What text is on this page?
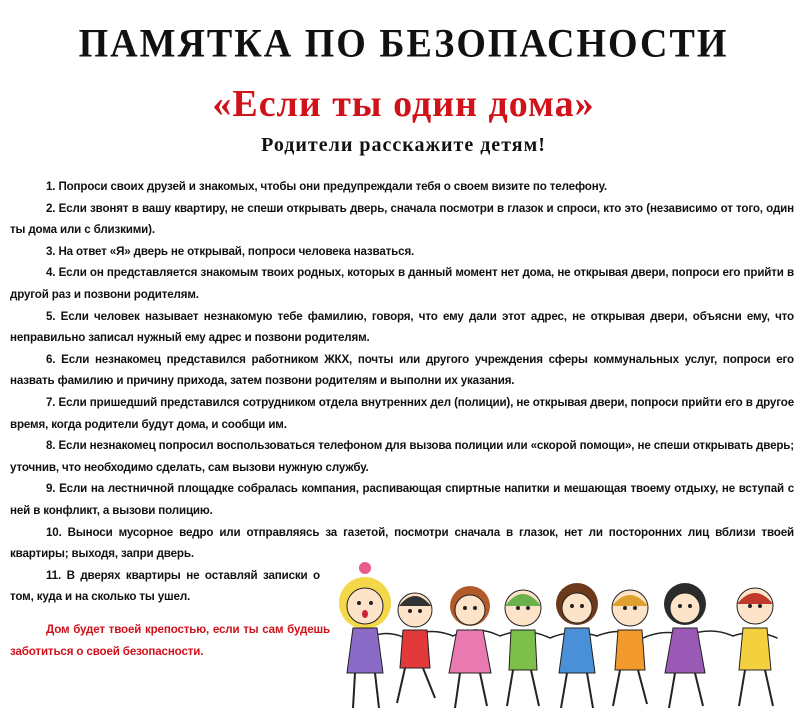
ПАМЯТКА ПО БЕЗОПАСНОСТИ
«Если ты один дома»
Родители расскажите детям!

1. Попроси своих друзей и знакомых, чтобы они предупреждали тебя о своем визите по телефону.

2. Если звонят в вашу квартиру, не спеши открывать дверь, сначала посмотри в глазок и спроси, кто это (независимо от того, один ты дома или с близкими).

3. На ответ «Я» дверь не открывай, попроси человека назваться.

4. Если он представляется знакомым твоих родных, которых в данный момент нет дома, не открывая двери, попроси его прийти в другой раз и позвони родителям.

5. Если человек называет незнакомую тебе фамилию, говоря, что ему дали этот адрес, не открывая двери, объясни ему, что неправильно записал нужный ему адрес и позвони родителям.

6. Если незнакомец представился работником ЖКХ, почты или другого учреждения сферы коммунальных услуг, попроси его назвать фамилию и причину прихода, затем позвони родителям и выполни их указания.

7. Если пришедший представился сотрудником отдела внутренних дел (полиции), не открывая двери, попроси прийти его в другое время, когда родители будут дома, и сообщи им.

8. Если незнакомец попросил воспользоваться телефоном для вызова полиции или «скорой помощи», не спеши открывать дверь; уточнив, что необходимо сделать, сам вызови нужную службу.

9. Если на лестничной площадке собралась компания, распивающая спиртные напитки и мешающая твоему отдыху, не вступай с ней в конфликт, а вызови полицию.

10. Выноси мусорное ведро или отправляясь за газетой, посмотри сначала в глазок, нет ли посторонних лиц вблизи твоей квартиры; выходя, запри дверь.

11. В дверях квартиры не оставляй записки о том, куда и на сколько ты ушел.

Дом будет твоей крепостью, если ты сам будешь заботиться о своей безопасности.
